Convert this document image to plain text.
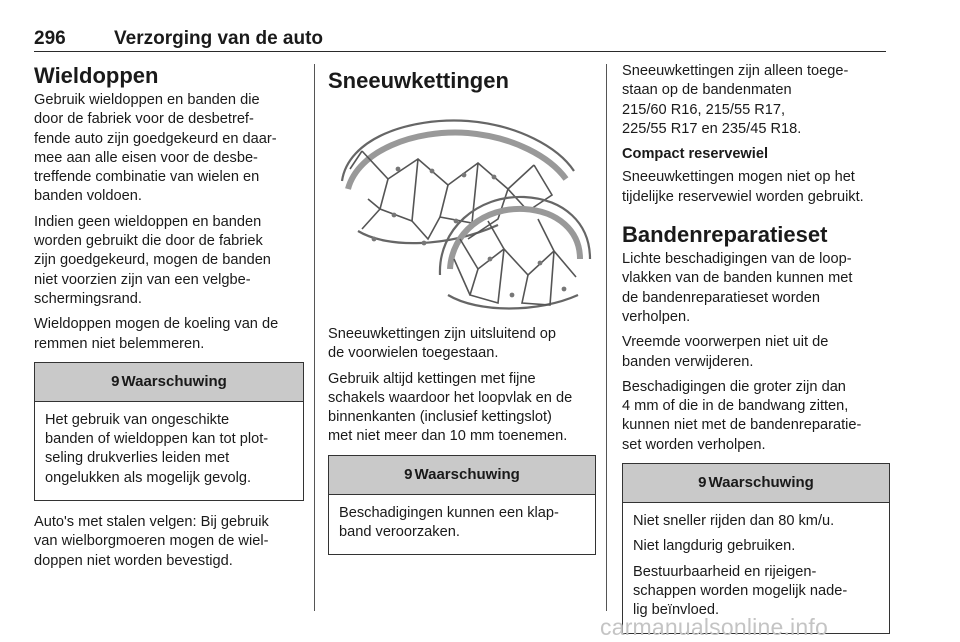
296	Verzorging van de auto
Wieldoppen

Gebruik wieldoppen en banden die
door de fabriek voor de desbetref-
fende auto zijn goedgekeurd en daar-
mee aan alle eisen voor de desbe-
treffende combinatie van wielen en
banden voldoen.

Indien geen wieldoppen en banden
worden gebruikt die door de fabriek
zijn goedgekeurd, mogen de banden
niet voorzien zijn van een velgbe-
schermingsrand.

Wieldoppen mogen de koeling van de
remmen niet belemmeren.

9 Waarschuwing

Het gebruik van ongeschikte
banden of wieldoppen kan tot plot-
seling drukverlies leiden met
ongelukken als mogelijk gevolg.

Auto's met stalen velgen: Bij gebruik
van wielborgmoeren mogen de wiel-
doppen niet worden bevestigd.

Sneeuwkettingen

Sneeuwkettingen zijn uitsluitend op
de voorwielen toegestaan.

Gebruik altijd kettingen met fijne
schakels waardoor het loopvlak en de
binnenkanten (inclusief kettingslot)
met niet meer dan 10 mm toenemen.

9 Waarschuwing

Beschadigingen kunnen een klap-
band veroorzaken.

Sneeuwkettingen zijn alleen toege-
staan op de bandenmaten
215/60 R16, 215/55 R17,
225/55 R17 en 235/45 R18.

Compact reservewiel

Sneeuwkettingen mogen niet op het
tijdelijke reservewiel worden gebruikt.

Bandenreparatieset

Lichte beschadigingen van de loop-
vlakken van de banden kunnen met
de bandenreparatieset worden
verholpen.

Vreemde voorwerpen niet uit de
banden verwijderen.

Beschadigingen die groter zijn dan
4 mm of die in de bandwang zitten,
kunnen niet met de bandenreparatie-
set worden verholpen.

9 Waarschuwing

Niet sneller rijden dan 80 km/u.

Niet langdurig gebruiken.

Bestuurbaarheid en rijeigen-
schappen worden mogelijk nade-
lig beïnvloed.

carmanualsonline.info
